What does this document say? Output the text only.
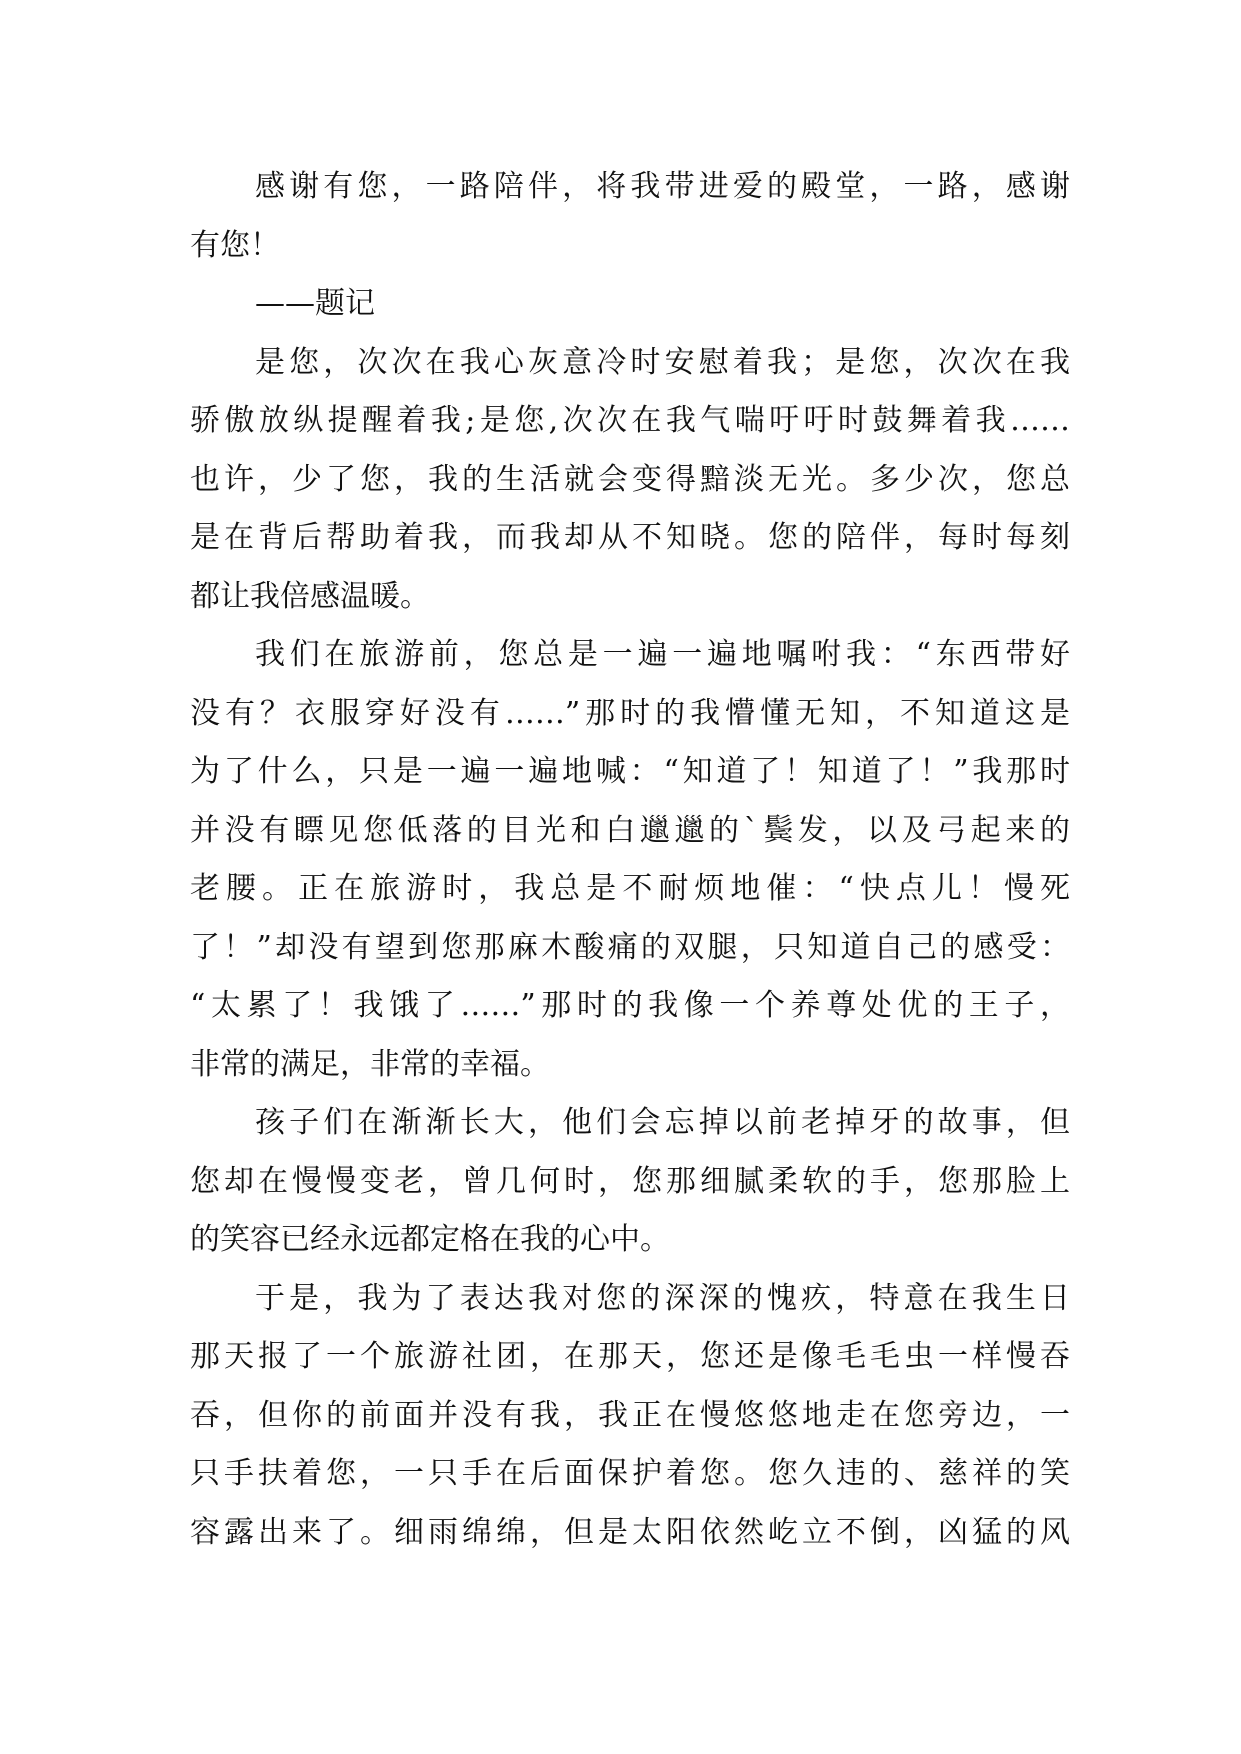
感谢有您，一路陪伴，将我带进爱的殿堂，一路，感谢
有您！
——题记
是您，次次在我心灰意冷时安慰着我；是您，次次在我
骄傲放纵提醒着我;是您,次次在我气喘吁吁时鼓舞着我……
也许，少了您，我的生活就会变得黯淡无光。多少次，您总
是在背后帮助着我，而我却从不知晓。您的陪伴，每时每刻
都让我倍感温暖。
我们在旅游前，您总是一遍一遍地嘱咐我：“东西带好
没有？衣服穿好没有……”那时的我懵懂无知，不知道这是
为了什么，只是一遍一遍地喊：“知道了！知道了！”我那时
并没有瞟见您低落的目光和白邋邋的`鬓发，以及弓起来的
老腰。正在旅游时，我总是不耐烦地催：“快点儿！慢死
了！”却没有望到您那麻木酸痛的双腿，只知道自己的感受：
“太累了！我饿了……”那时的我像一个养尊处优的王子，
非常的满足，非常的幸福。
孩子们在渐渐长大，他们会忘掉以前老掉牙的故事，但
您却在慢慢变老，曾几何时，您那细腻柔软的手，您那脸上
的笑容已经永远都定格在我的心中。
于是，我为了表达我对您的深深的愧疚，特意在我生日
那天报了一个旅游社团，在那天，您还是像毛毛虫一样慢吞
吞，但你的前面并没有我，我正在慢悠悠地走在您旁边，一
只手扶着您，一只手在后面保护着您。您久违的、慈祥的笑
容露出来了。细雨绵绵，但是太阳依然屹立不倒，凶猛的风
